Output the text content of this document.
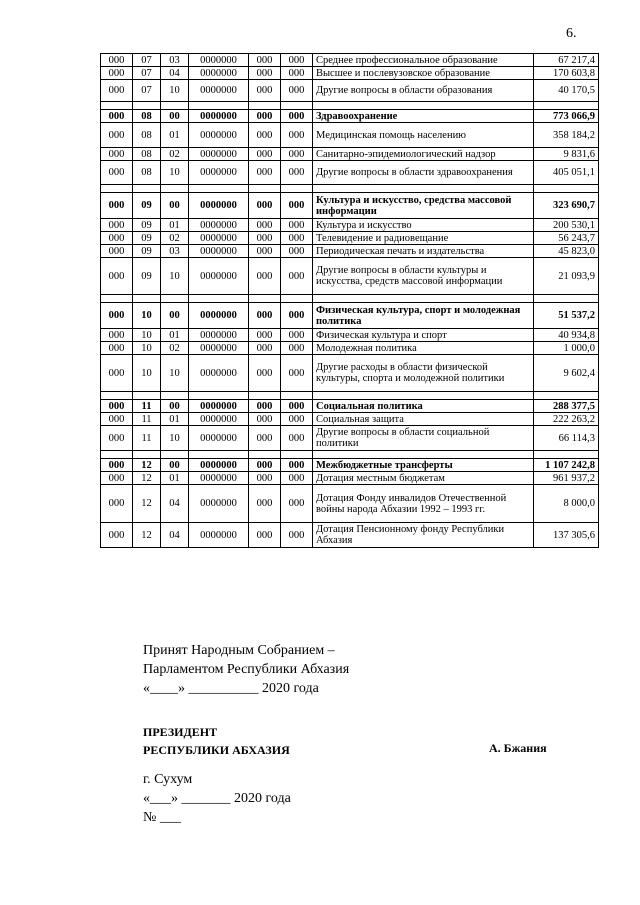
6.
000	07	03	0000000	000	000	Среднее профессиональное образование	67 217,4
000	07	04	0000000	000	000	Высшее и послевузовское образование	170 603,8
000	07	10	0000000	000	000	Другие вопросы в области образования	40 170,5

000	08	00	0000000	000	000	Здравоохранение	773 066,9
000	08	01	0000000	000	000	Медицинская помощь населению	358 184,2
000	08	02	0000000	000	000	Санитарно-эпидемиологический надзор	9 831,6
000	08	10	0000000	000	000	Другие вопросы в области здравоохранения	405 051,1

000	09	00	0000000	000	000	Культура и искусство, средства массовой информации	323 690,7
000	09	01	0000000	000	000	Культура и искусство	200 530,1
000	09	02	0000000	000	000	Телевидение и радиовещание	56 243,7
000	09	03	0000000	000	000	Периодическая печать и издательства	45 823,0
000	09	10	0000000	000	000	Другие вопросы в области культуры и искусства, средств массовой информации	21 093,9

000	10	00	0000000	000	000	Физическая культура, спорт и молодежная политика	51 537,2
000	10	01	0000000	000	000	Физическая культура и спорт	40 934,8
000	10	02	0000000	000	000	Молодежная политика	1 000,0
000	10	10	0000000	000	000	Другие расходы в области физической культуры, спорта и молодежной политики	9 602,4

000	11	00	0000000	000	000	Социальная политика	288 377,5
000	11	01	0000000	000	000	Социальная защита	222 263,2
000	11	10	0000000	000	000	Другие вопросы в области социальной политики	66 114,3

000	12	00	0000000	000	000	Межбюджетные трансферты	1 107 242,8
000	12	01	0000000	000	000	Дотация местным бюджетам	961 937,2
000	12	04	0000000	000	000	Дотация Фонду инвалидов Отечественной войны народа Абхазии 1992 – 1993 гг.	8 000,0
000	12	04	0000000	000	000	Дотация Пенсионному фонду Республики Абхазия	137 305,6
Принят Народным Собранием –
Парламентом Республики Абхазия
«____» __________ 2020 года
ПРЕЗИДЕНТ
РЕСПУБЛИКИ АБХАЗИЯ	А. Бжания
г. Сухум
«___» _______ 2020 года
№ ___
